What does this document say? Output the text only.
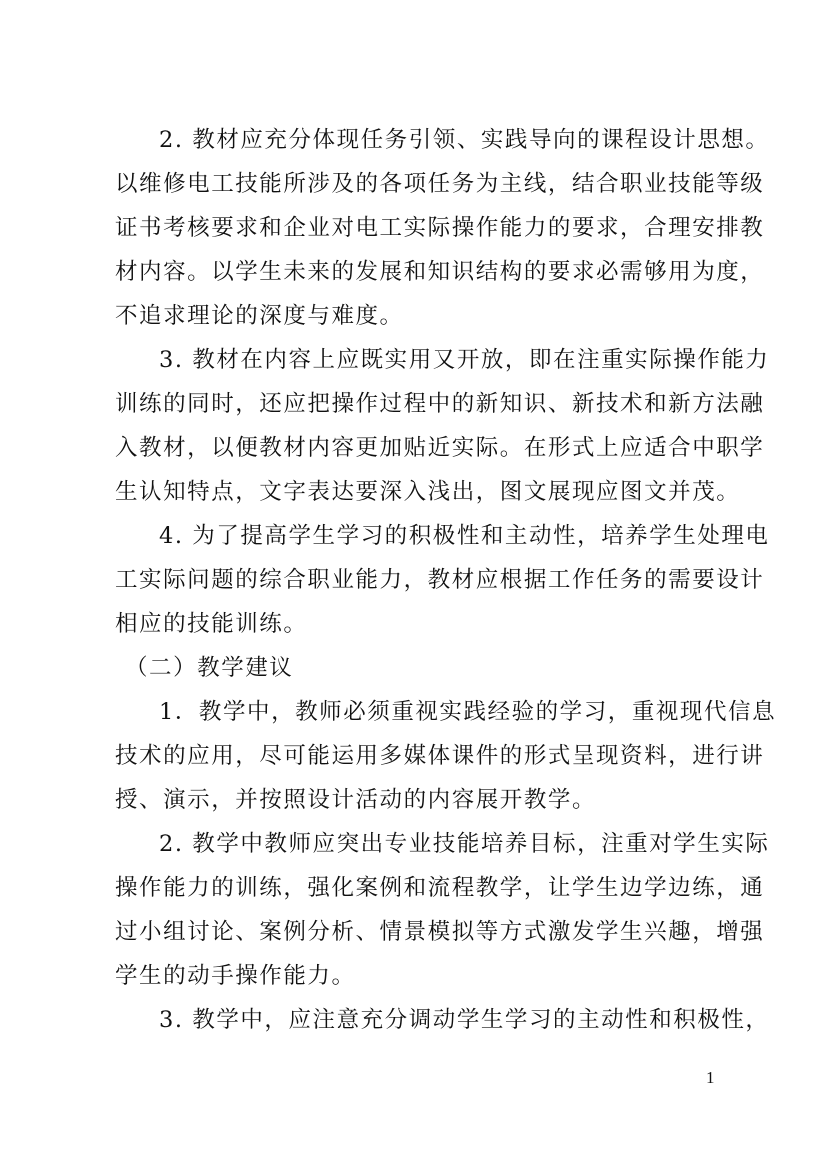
2. 教材应充分体现任务引领、实践导向的课程设计思想。
以维修电工技能所涉及的各项任务为主线，结合职业技能等级
证书考核要求和企业对电工实际操作能力的要求，合理安排教
材内容。以学生未来的发展和知识结构的要求必需够用为度，
不追求理论的深度与难度。
3. 教材在内容上应既实用又开放，即在注重实际操作能力
训练的同时，还应把操作过程中的新知识、新技术和新方法融
入教材，以便教材内容更加贴近实际。在形式上应适合中职学
生认知特点，文字表达要深入浅出，图文展现应图文并茂。
4. 为了提高学生学习的积极性和主动性，培养学生处理电
工实际问题的综合职业能力，教材应根据工作任务的需要设计
相应的技能训练。
（二）教学建议
1．教学中，教师必须重视实践经验的学习，重视现代信息
技术的应用，尽可能运用多媒体课件的形式呈现资料，进行讲
授、演示，并按照设计活动的内容展开教学。
2. 教学中教师应突出专业技能培养目标，注重对学生实际
操作能力的训练，强化案例和流程教学，让学生边学边练，通
过小组讨论、案例分析、情景模拟等方式激发学生兴趣，增强
学生的动手操作能力。
3. 教学中，应注意充分调动学生学习的主动性和积极性，
1
